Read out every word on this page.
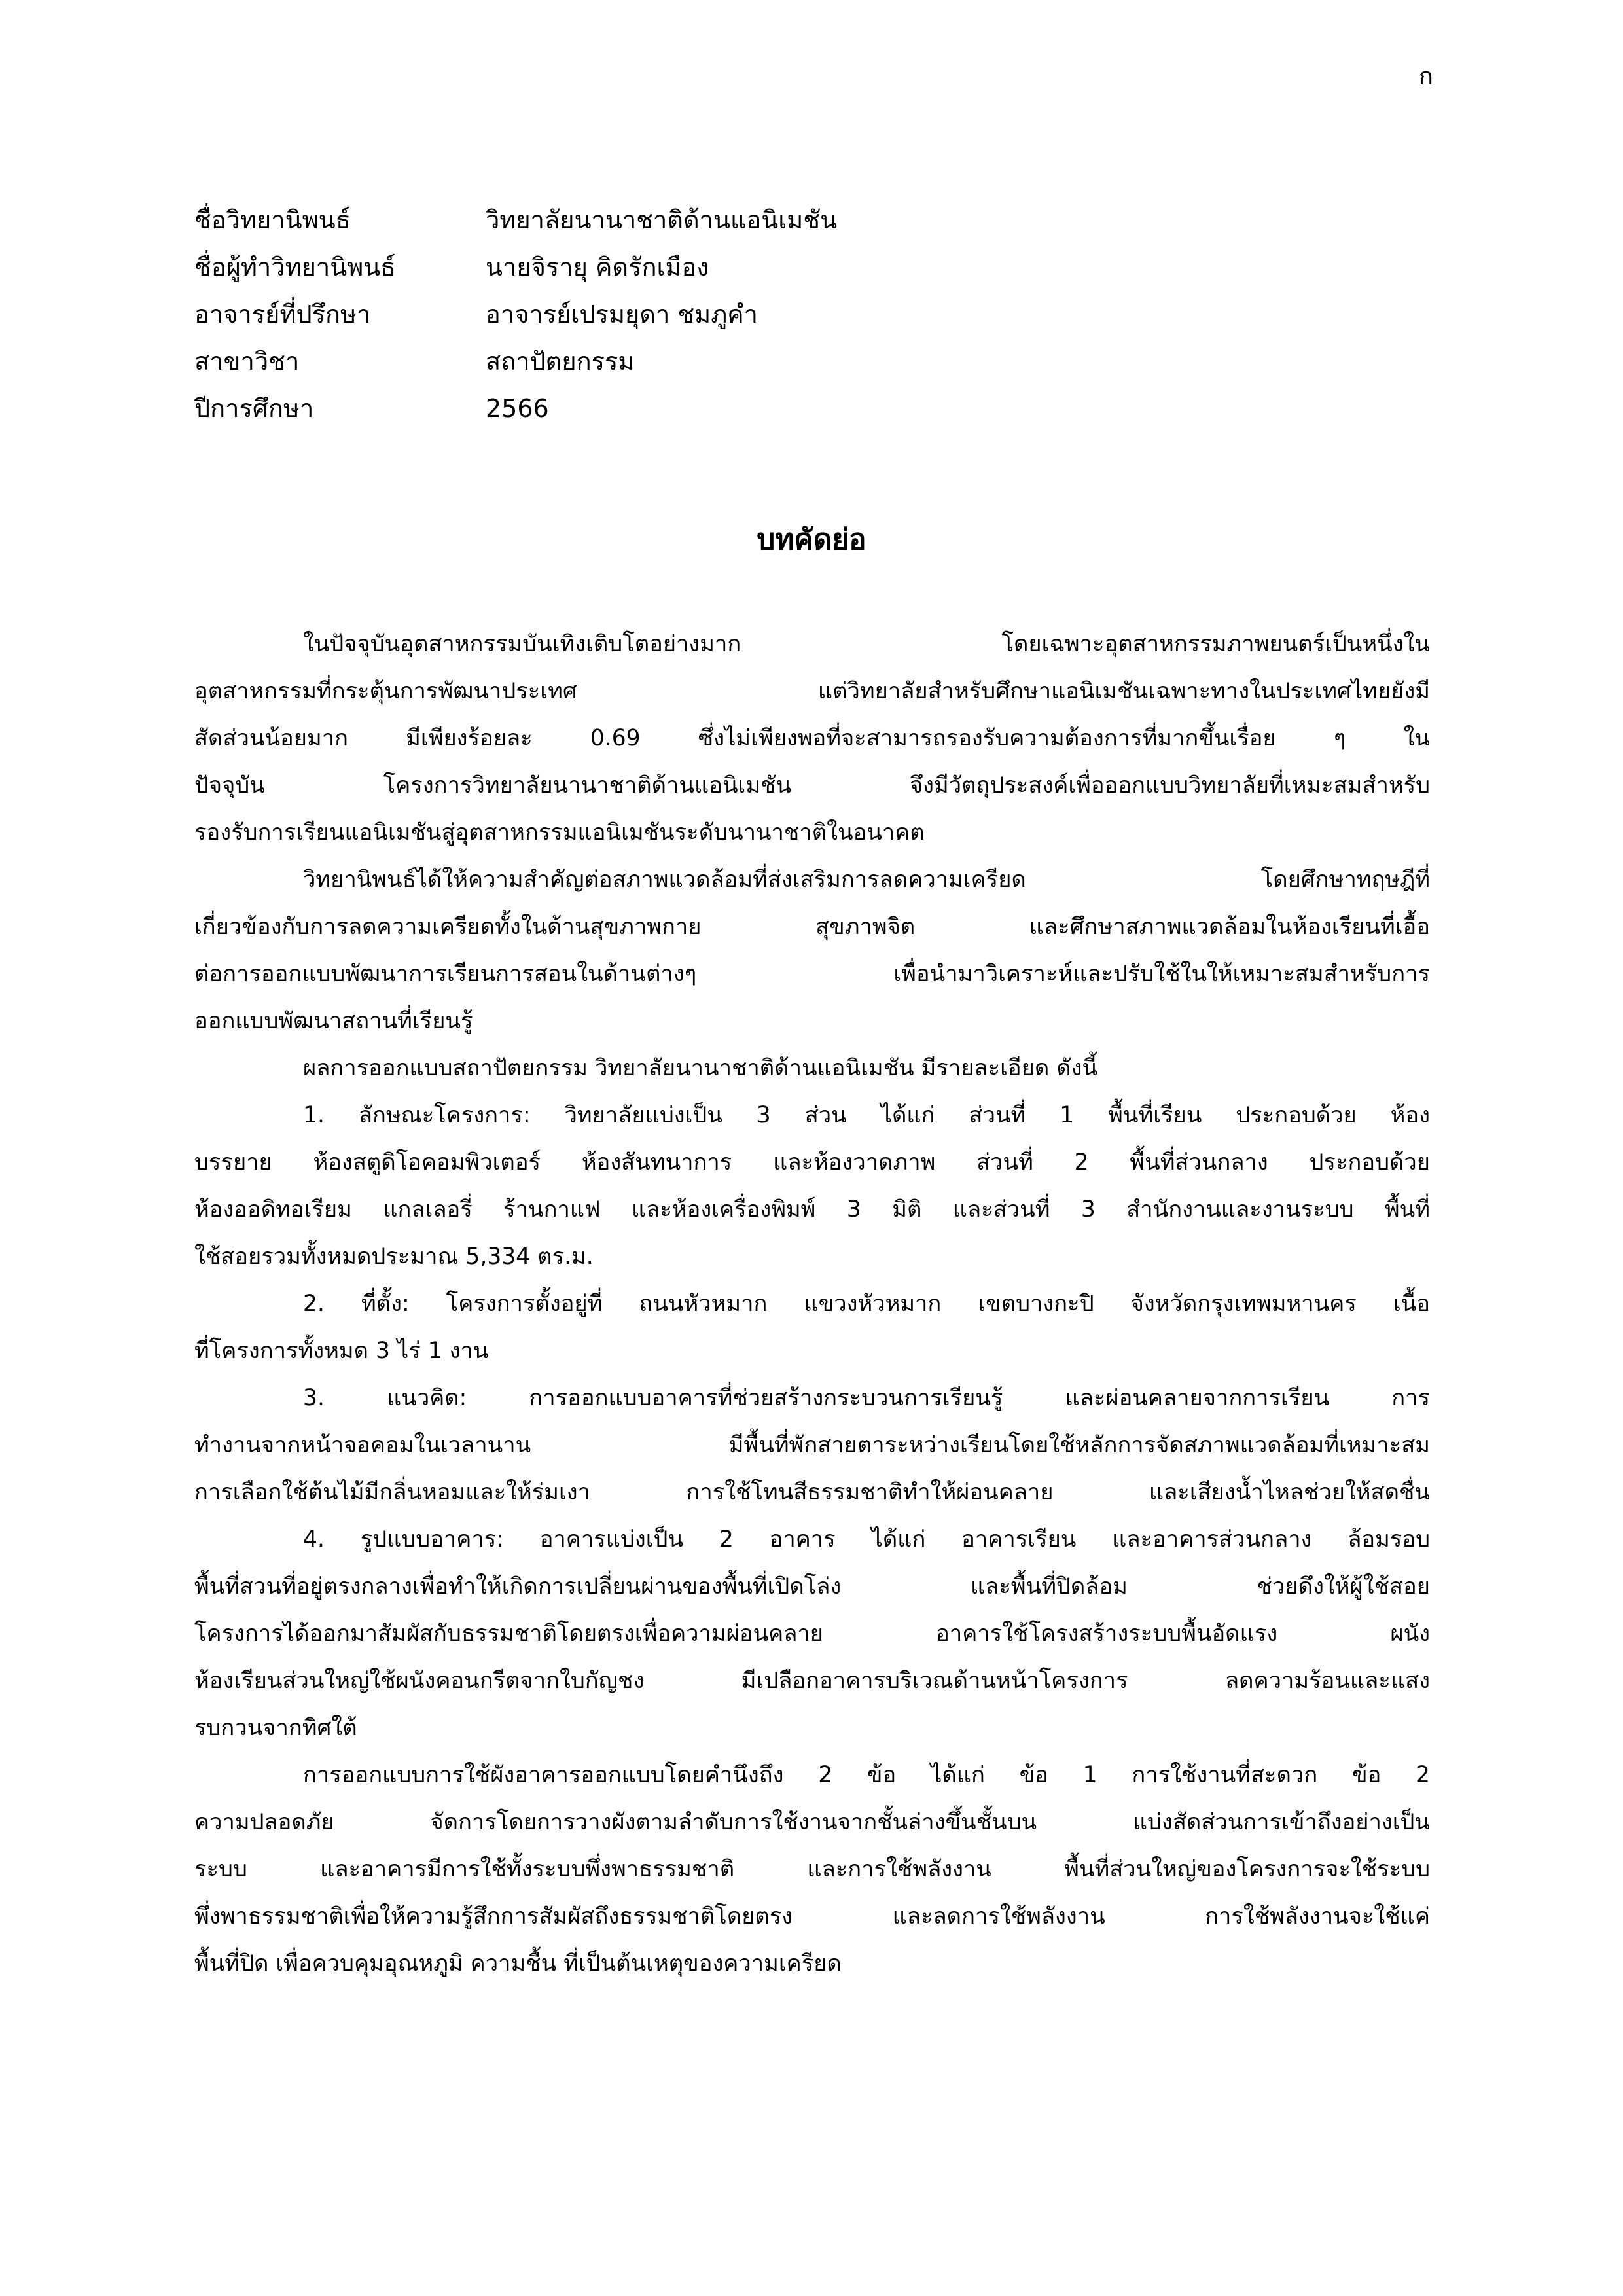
ก
ชื่อวิทยานิพนธ์	วิทยาลัยนานาชาติด้านแอนิเมชัน
ชื่อผู้ทำวิทยานิพนธ์	นายจิรายุ คิดรักเมือง
อาจารย์ที่ปรึกษา	อาจารย์เปรมยุดา ชมภูคำ
สาขาวิชา	สถาปัตยกรรม
ปีการศึกษา	2566
บทคัดย่อ
ในปัจจุบันอุตสาหกรรมบันเทิงเติบโตอย่างมาก โดยเฉพาะอุตสาหกรรมภาพยนตร์เป็นหนึ่งใน
อุตสาหกรรมที่กระตุ้นการพัฒนาประเทศ แต่วิทยาลัยสำหรับศึกษาแอนิเมชันเฉพาะทางในประเทศไทยยังมี
สัดส่วนน้อยมาก มีเพียงร้อยละ 0.69 ซึ่งไม่เพียงพอที่จะสามารถรองรับความต้องการที่มากขึ้นเรื่อย ๆ ใน
ปัจจุบัน โครงการวิทยาลัยนานาชาติด้านแอนิเมชัน จึงมีวัตถุประสงค์เพื่อออกแบบวิทยาลัยที่เหมะสมสำหรับ
รองรับการเรียนแอนิเมชันสู่อุตสาหกรรมแอนิเมชันระดับนานาชาติในอนาคต
วิทยานิพนธ์ได้ให้ความสำคัญต่อสภาพแวดล้อมที่ส่งเสริมการลดความเครียด โดยศึกษาทฤษฎีที่
เกี่ยวข้องกับการลดความเครียดทั้งในด้านสุขภาพกาย สุขภาพจิต และศึกษาสภาพแวดล้อมในห้องเรียนที่เอื้อ
ต่อการออกแบบพัฒนาการเรียนการสอนในด้านต่างๆ เพื่อนำมาวิเคราะห์และปรับใช้ในให้เหมาะสมสำหรับการ
ออกแบบพัฒนาสถานที่เรียนรู้
ผลการออกแบบสถาปัตยกรรม วิทยาลัยนานาชาติด้านแอนิเมชัน มีรายละเอียด ดังนี้
1. ลักษณะโครงการ: วิทยาลัยแบ่งเป็น 3 ส่วน ได้แก่ ส่วนที่ 1 พื้นที่เรียน ประกอบด้วย ห้อง
บรรยาย ห้องสตูดิโอคอมพิวเตอร์ ห้องสันทนาการ และห้องวาดภาพ ส่วนที่ 2 พื้นที่ส่วนกลาง ประกอบด้วย
ห้องออดิทอเรียม แกลเลอรี่ ร้านกาแฟ และห้องเครื่องพิมพ์ 3 มิติ และส่วนที่ 3 สำนักงานและงานระบบ พื้นที่
ใช้สอยรวมทั้งหมดประมาณ 5,334 ตร.ม.
2. ที่ตั้ง: โครงการตั้งอยู่ที่ ถนนหัวหมาก แขวงหัวหมาก เขตบางกะปิ จังหวัดกรุงเทพมหานคร เนื้อ
ที่โครงการทั้งหมด 3 ไร่ 1 งาน
3. แนวคิด: การออกแบบอาคารที่ช่วยสร้างกระบวนการเรียนรู้ และผ่อนคลายจากการเรียน การ
ทำงานจากหน้าจอคอมในเวลานาน มีพื้นที่พักสายตาระหว่างเรียนโดยใช้หลักการจัดสภาพแวดล้อมที่เหมาะสม
การเลือกใช้ต้นไม้มีกลิ่นหอมและให้ร่มเงา การใช้โทนสีธรรมชาติทำให้ผ่อนคลาย และเสียงน้ำไหลช่วยให้สดชื่น
4. รูปแบบอาคาร: อาคารแบ่งเป็น 2 อาคาร ได้แก่ อาคารเรียน และอาคารส่วนกลาง ล้อมรอบ
พื้นที่สวนที่อยู่ตรงกลางเพื่อทำให้เกิดการเปลี่ยนผ่านของพื้นที่เปิดโล่ง และพื้นที่ปิดล้อม ช่วยดึงให้ผู้ใช้สอย
โครงการได้ออกมาสัมผัสกับธรรมชาติโดยตรงเพื่อความผ่อนคลาย อาคารใช้โครงสร้างระบบพื้นอัดแรง ผนัง
ห้องเรียนส่วนใหญ่ใช้ผนังคอนกรีตจากใบกัญชง มีเปลือกอาคารบริเวณด้านหน้าโครงการ ลดความร้อนและแสง
รบกวนจากทิศใต้
การออกแบบการใช้ผังอาคารออกแบบโดยคำนึงถึง 2 ข้อ ได้แก่ ข้อ 1 การใช้งานที่สะดวก ข้อ 2
ความปลอดภัย จัดการโดยการวางผังตามลำดับการใช้งานจากชั้นล่างขึ้นชั้นบน แบ่งสัดส่วนการเข้าถึงอย่างเป็น
ระบบ และอาคารมีการใช้ทั้งระบบพึ่งพาธรรมชาติ และการใช้พลังงาน พื้นที่ส่วนใหญ่ของโครงการจะใช้ระบบ
พึ่งพาธรรมชาติเพื่อให้ความรู้สึกการสัมผัสถึงธรรมชาติโดยตรง และลดการใช้พลังงาน การใช้พลังงานจะใช้แค่
พื้นที่ปิด เพื่อควบคุมอุณหภูมิ ความชื้น ที่เป็นต้นเหตุของความเครียด
